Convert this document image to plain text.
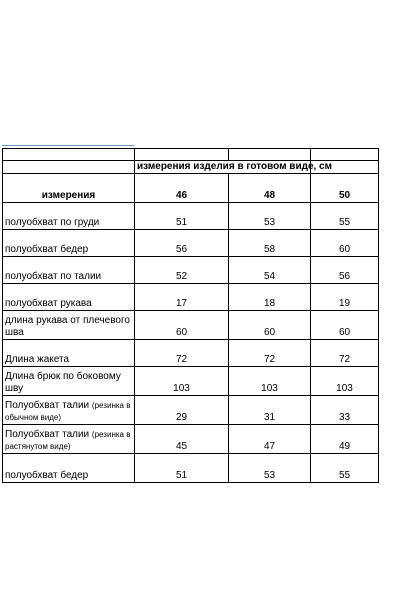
	измерения изделия в готовом виде, см		
измерения	46	48	50
полуобхват по груди	51	53	55
полуобхват бедер	56	58	60
полуобхват по талии	52	54	56
полуобхват рукава	17	18	19
длина рукава от плечевого шва	60	60	60
Длина жакета	72	72	72
Длина брюк по боковому шву	103	103	103
Полуобхват талии (резинка в обычном виде)	29	31	33
Полуобхват талии (резинка в растянутом виде)	45	47	49
полуобхват бедер	51	53	55
